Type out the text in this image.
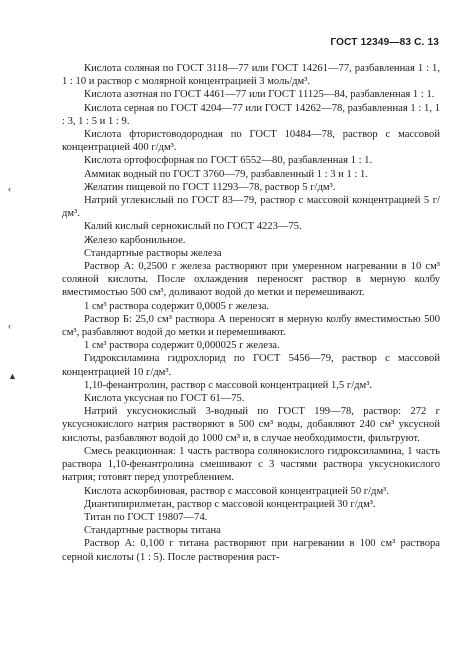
ГОСТ 12349—83 С. 13
‹
‹
▲

Кислота соляная по ГОСТ 3118—77 или ГОСТ 14261—77, разбавленная 1 : 1, 1 : 10 и раствор с молярной концентрацией 3 моль/дм³.

Кислота азотная по ГОСТ 4461—77 или ГОСТ 11125—84, разбавленная 1 : 1.

Кислота серная по ГОСТ 4204—77 или ГОСТ 14262—78, разбавленная 1 : 1, 1 : 3, 1 : 5 и 1 : 9.

Кислота фтористоводородная по ГОСТ 10484—78, раствор с массовой концентрацией 400 г/дм³.

Кислота ортофосфорная по ГОСТ 6552—80, разбавленная 1 : 1.

Аммиак водный по ГОСТ 3760—79, разбавленный 1 : 3 и 1 : 1.

Желатин пищевой по ГОСТ 11293—78, раствор 5 г/дм³.

Натрий углекислый по ГОСТ 83—79, раствор с массовой концентрацией 5 г/дм³.

Калий кислый сернокислый по ГОСТ 4223—75.

Железо карбонильное.

Стандартные растворы железа

Раствор А: 0,2500 г железа растворяют при умеренном нагревании в 10 см³ соляной кислоты. После охлаждения переносят раствор в мерную колбу вместимостью 500 см³, доливают водой до метки и перемешивают.

1 см³ раствора содержит 0,0005 г железа.

Раствор Б: 25,0 см³ раствора А переносят в мерную колбу вместимостью 500 см³, разбавляют водой до метки и перемешивают.

1 см³ раствора содержит 0,000025 г железа.

Гидроксиламина гидрохлорид по ГОСТ 5456—79, раствор с массовой концентрацией 10 г/дм³.

1,10-фенантролин, раствор с массовой концентрацией 1,5 г/дм³.

Кислота уксусная по ГОСТ 61—75.

Натрий уксуснокислый 3-водный по ГОСТ 199—78, раствор: 272 г уксуснокислого натрия растворяют в 500 см³ воды, добавляют 240 см³ уксусной кислоты, разбавляют водой до 1000 см³ и, в случае необходимости, фильтруют.

Смесь реакционная: 1 часть раствора солянокислого гидроксиламина, 1 часть раствора 1,10-фенантролина смешивают с 3 частями раствора уксуснокислого натрия; готовят перед употреблением.

Кислота аскорбиновая, раствор с массовой концентрацией 50 г/дм³.

Диантипирилметан, раствор с массовой концентрацией 30 г/дм³.

Титан по ГОСТ 19807—74.

Стандартные растворы титана

Раствор А: 0,100 г титана растворяют при нагревании в 100 см³ раствора серной кислоты (1 : 5). После растворения раст-
